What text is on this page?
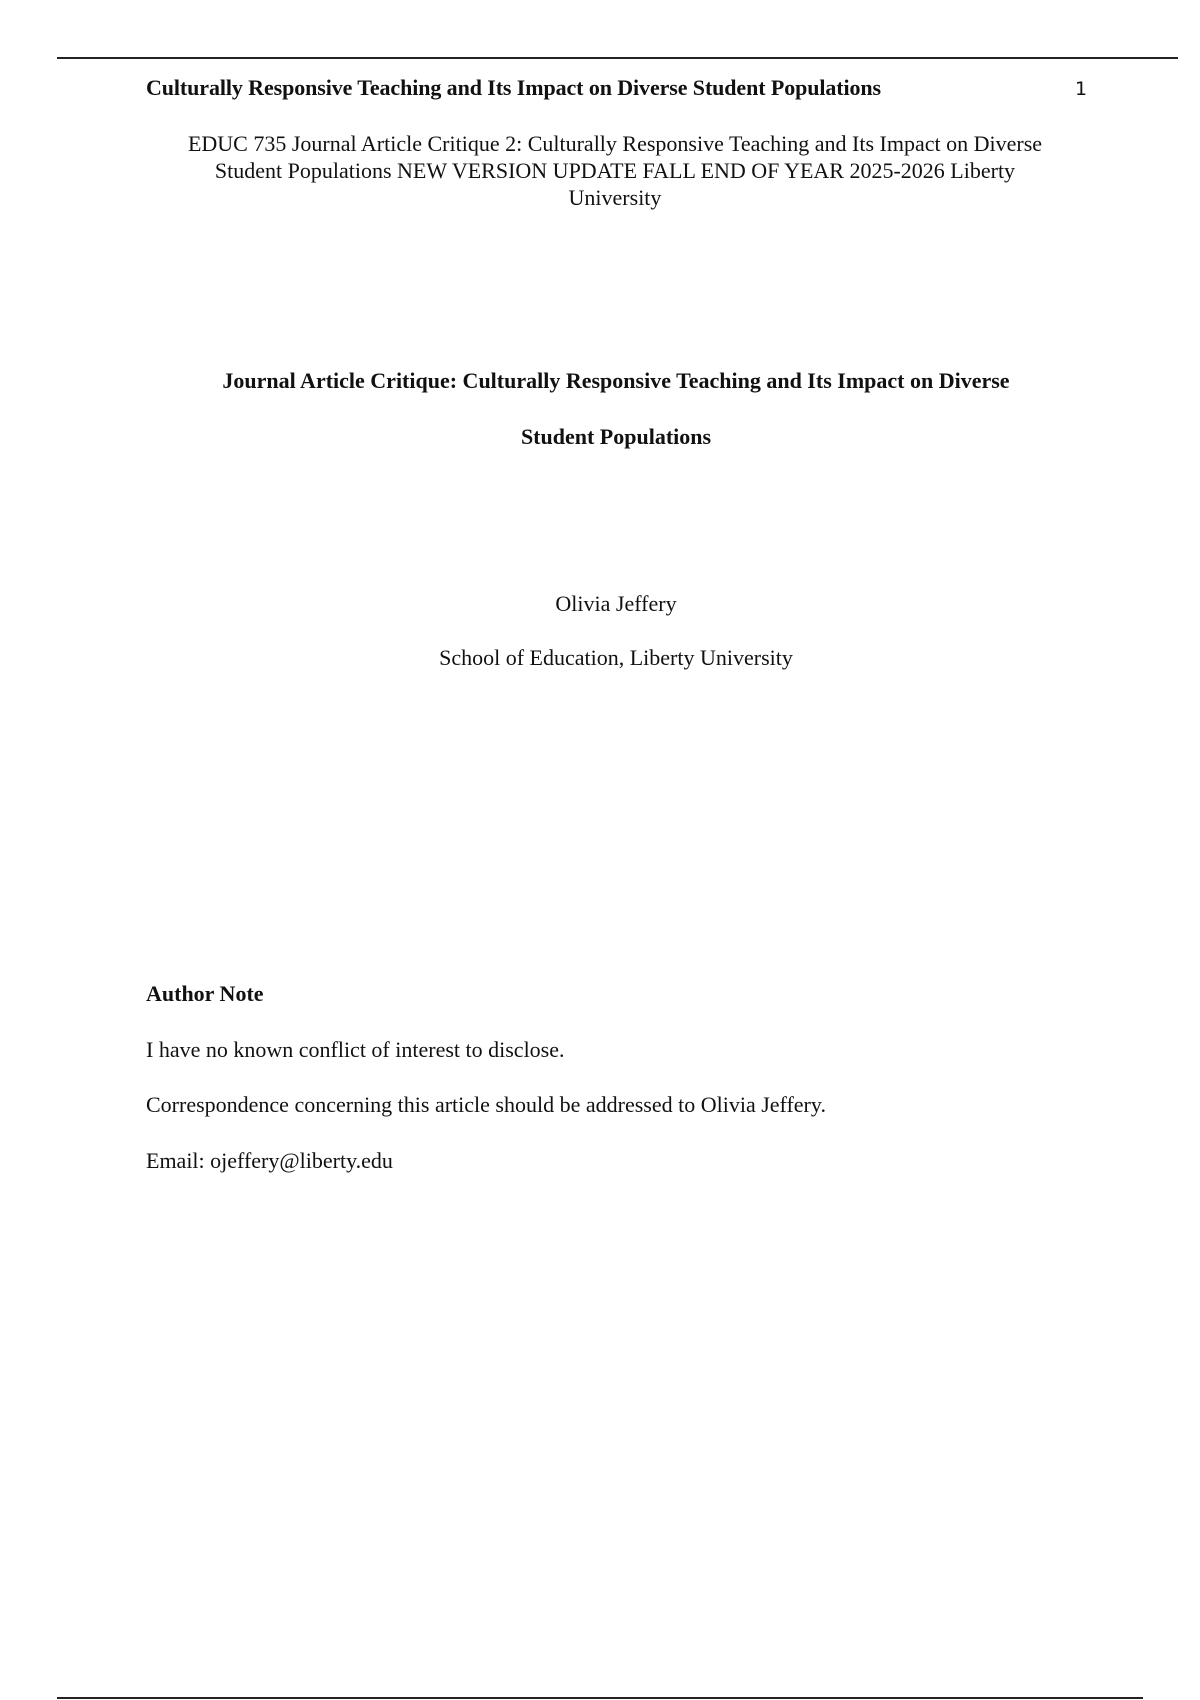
Culturally Responsive Teaching and Its Impact on Diverse Student Populations	1
EDUC 735 Journal Article Critique 2: Culturally Responsive Teaching and Its Impact on Diverse
Student Populations NEW VERSION UPDATE FALL END OF YEAR 2025-2026 Liberty
University
Journal Article Critique: Culturally Responsive Teaching and Its Impact on Diverse
Student Populations
Olivia Jeffery
School of Education, Liberty University
Author Note
I have no known conflict of interest to disclose.
Correspondence concerning this article should be addressed to Olivia Jeffery.
Email: ojeffery@liberty.edu
